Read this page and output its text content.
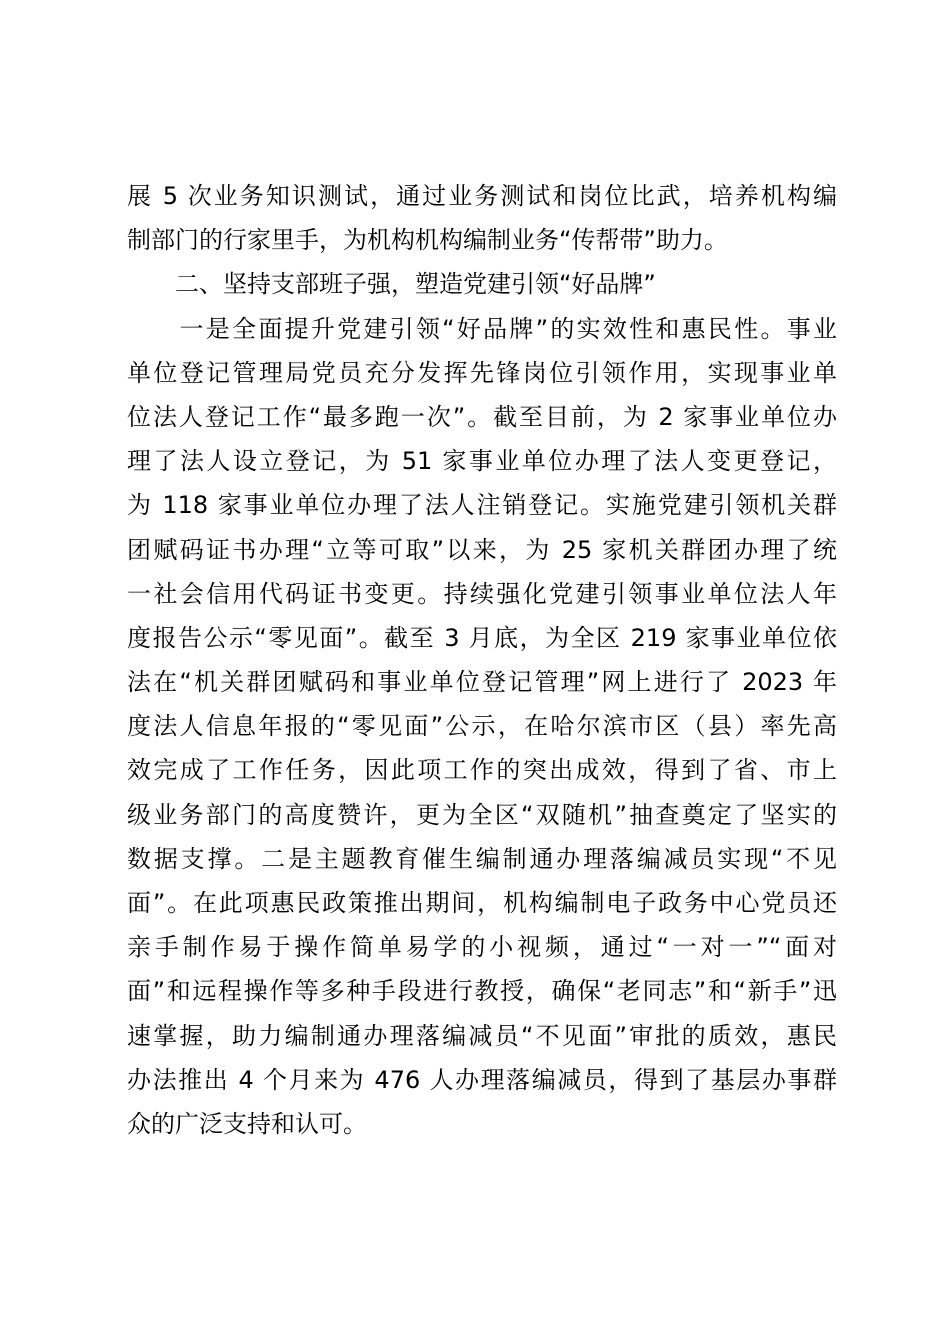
展 5 次业务知识测试，通过业务测试和岗位比武，培养机构编
制部门的行家里手，为机构机构编制业务“传帮带”助力。
　　二、坚持支部班子强，塑造党建引领“好品牌”
　　一是全面提升党建引领“好品牌”的实效性和惠民性。事业
单位登记管理局党员充分发挥先锋岗位引领作用，实现事业单
位法人登记工作“最多跑一次”。截至目前，为 2 家事业单位办
理了法人设立登记，为 51 家事业单位办理了法人变更登记，
为 118 家事业单位办理了法人注销登记。实施党建引领机关群
团赋码证书办理“立等可取”以来，为 25 家机关群团办理了统
一社会信用代码证书变更。持续强化党建引领事业单位法人年
度报告公示“零见面”。截至 3 月底，为全区 219 家事业单位依
法在“机关群团赋码和事业单位登记管理”网上进行了 2023 年
度法人信息年报的“零见面”公示，在哈尔滨市区（县）率先高
效完成了工作任务，因此项工作的突出成效，得到了省、市上
级业务部门的高度赞许，更为全区“双随机”抽查奠定了坚实的
数据支撑。二是主题教育催生编制通办理落编减员实现“不见
面”。在此项惠民政策推出期间，机构编制电子政务中心党员还
亲手制作易于操作简单易学的小视频，通过“一对一”“面对
面”和远程操作等多种手段进行教授，确保“老同志”和“新手”迅
速掌握，助力编制通办理落编减员“不见面”审批的质效，惠民
办法推出 4 个月来为 476 人办理落编减员，得到了基层办事群
众的广泛支持和认可。
